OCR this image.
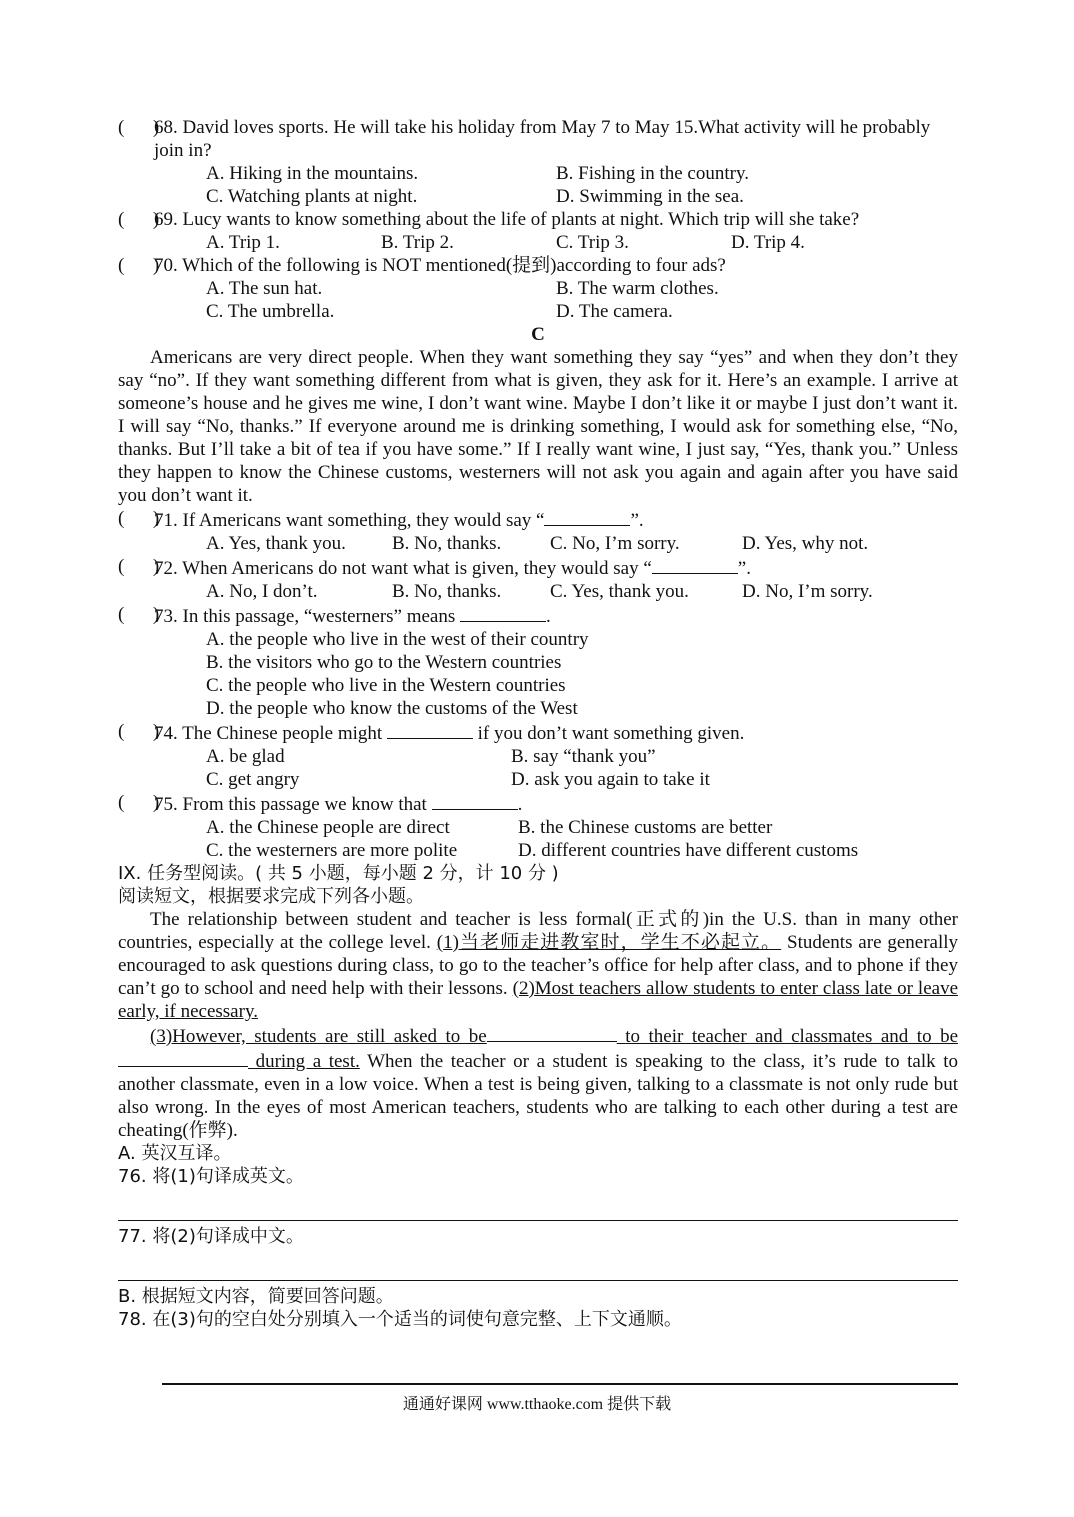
(      )
68. David loves sports. He will take his holiday from May 7 to May 15.What activity will he probably join in?
A. Hiking in the mountains.	B. Fishing in the country.
C. Watching plants at night.	D. Swimming in the sea.
(      )
69. Lucy wants to know something about the life of plants at night. Which trip will she take?
A. Trip 1.	B. Trip 2.	C. Trip 3.	D. Trip 4.
(      )
70. Which of the following is NOT mentioned(提到)according to four ads?
A. The sun hat.	B. The warm clothes.
C. The umbrella.	D. The camera.
C
Americans are very direct people. When they want something they say “yes” and when they don’t they say “no”. If they want something different from what is given, they ask for it. Here’s an example. I arrive at someone’s house and he gives me wine, I don’t want wine. Maybe I don’t like it or maybe I just don’t want it. I will say “No, thanks.” If everyone around me is drinking something, I would ask for something else, “No, thanks. But I’ll take a bit of tea if you have some.” If I really want wine, I just say, “Yes, thank you.” Unless they happen to know the Chinese customs, westerners will not ask you again and again after you have said you don’t want it.
(      )
71. If Americans want something, they would say “	”.
A. Yes, thank you.	B. No, thanks.	C. No, I’m sorry.	D. Yes, why not.
(      )
72. When Americans do not want what is given, they would say “	”.
A. No, I don’t.	B. No, thanks.	C. Yes, thank you.	D. No, I’m sorry.
(      )
73. In this passage, “westerners” means	.
A. the people who live in the west of their country
B. the visitors who go to the Western countries
C. the people who live in the Western countries
D. the people who know the customs of the West
(      )
74. The Chinese people might	if you don’t want something given.
A. be glad	B. say “thank you”
C. get angry	D. ask you again to take it
(      )
75. From this passage we know that	.
A. the Chinese people are direct	B. the Chinese customs are better
C. the westerners are more polite	D. different countries have different customs
IX. 任务型阅读。( 共 5 小题，每小题 2 分，计 10 分 )
阅读短文，根据要求完成下列各小题。
The relationship between student and teacher is less formal(正式的)in the U.S. than in many other countries, especially at the college level. (1)当老师走进教室时，学生不必起立。 Students are generally encouraged to ask questions during class, to go to the teacher’s office for help after class, and to phone if they can’t go to school and need help with their lessons. (2)Most teachers allow students to enter class late or leave early, if necessary.
(3)However, students are still asked to be	to their teacher and classmates and to be  during a test. When the teacher or a student is speaking to the class, it’s rude to talk to another classmate, even in a low voice. When a test is being given, talking to a classmate is not only rude but also wrong. In the eyes of most American teachers, students who are talking to each other during a test are cheating(作弊).
A. 英汉互译。
76. 将(1)句译成英文。
77. 将(2)句译成中文。
B. 根据短文内容，简要回答问题。
78. 在(3)句的空白处分别填入一个适当的词使句意完整、上下文通顺。
通通好课网 www.tthaoke.com 提供下载
